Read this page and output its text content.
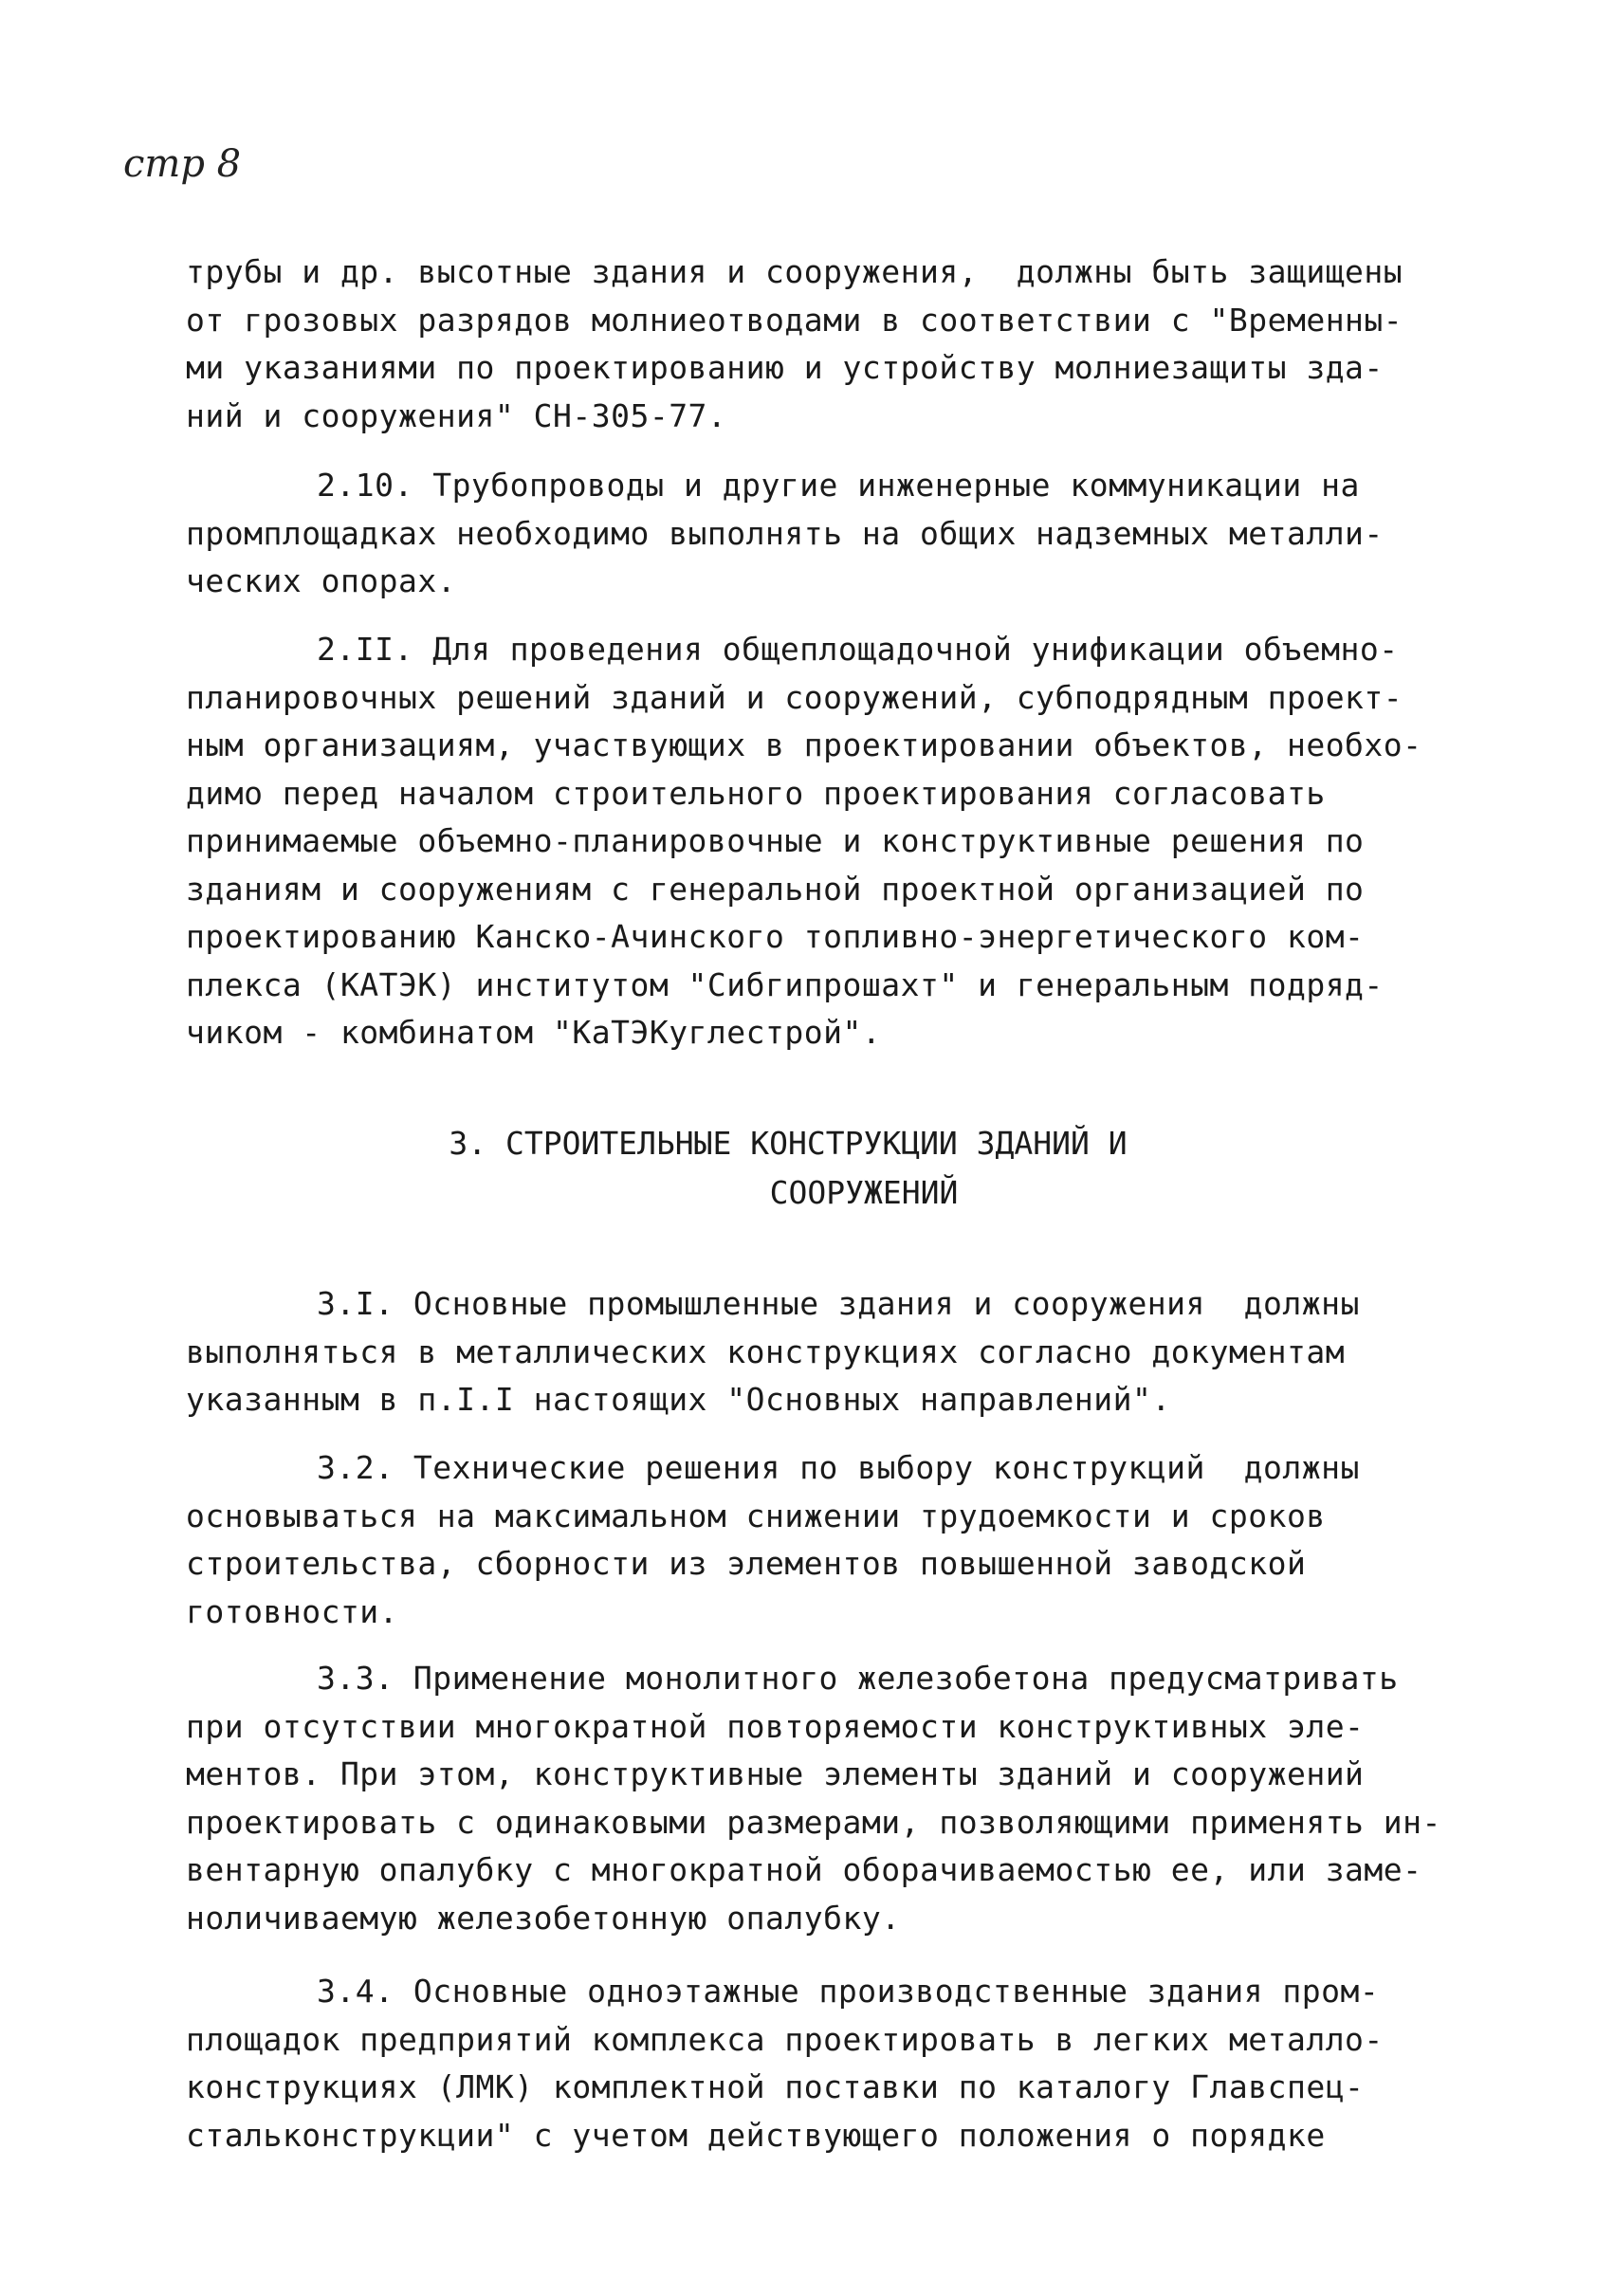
стр 8
трубы и др. высотные здания и сооружения,  должны быть защищены
от грозовых разрядов молниеотводами в соответствии с "Временны-
ми указаниями по проектированию и устройству молниезащиты зда-
ний и сооружения" СН-305-77.
2.10. Трубопроводы и другие инженерные коммуникации на
промплощадках необходимо выполнять на общих надземных металли-
ческих опорах.
2.II. Для проведения общеплощадочной унификации объемно-
планировочных решений зданий и сооружений, субподрядным проект-
ным организациям, участвующих в проектировании объектов, необхо-
димо перед началом строительного проектирования согласовать
принимаемые объемно-планировочные и конструктивные решения по
зданиям и сооружениям с генеральной проектной организацией по
проектированию Канско-Ачинского топливно-энергетического ком-
плекса (КАТЭК) институтом "Сибгипрошахт" и генеральным подряд-
чиком - комбинатом "КаТЭКуглестрой".
3. СТРОИТЕЛЬНЫЕ КОНСТРУКЦИИ ЗДАНИЙ И
СООРУЖЕНИЙ
3.I. Основные промышленные здания и сооружения  должны
выполняться в металлических конструкциях согласно документам
указанным в п.I.I настоящих "Основных направлений".
3.2. Технические решения по выбору конструкций  должны
основываться на максимальном снижении трудоемкости и сроков
строительства, сборности из элементов повышенной заводской
готовности.
3.3. Применение монолитного железобетона предусматривать
при отсутствии многократной повторяемости конструктивных эле-
ментов. При этом, конструктивные элементы зданий и сооружений
проектировать с одинаковыми размерами, позволяющими применять ин-
вентарную опалубку с многократной оборачиваемостью ее, или заме-
ноличиваемую железобетонную опалубку.
3.4. Основные одноэтажные производственные здания пром-
площадок предприятий комплекса проектировать в легких металло-
конструкциях (ЛМК) комплектной поставки по каталогу Главспец-
стальконструкции" с учетом действующего положения о порядке
